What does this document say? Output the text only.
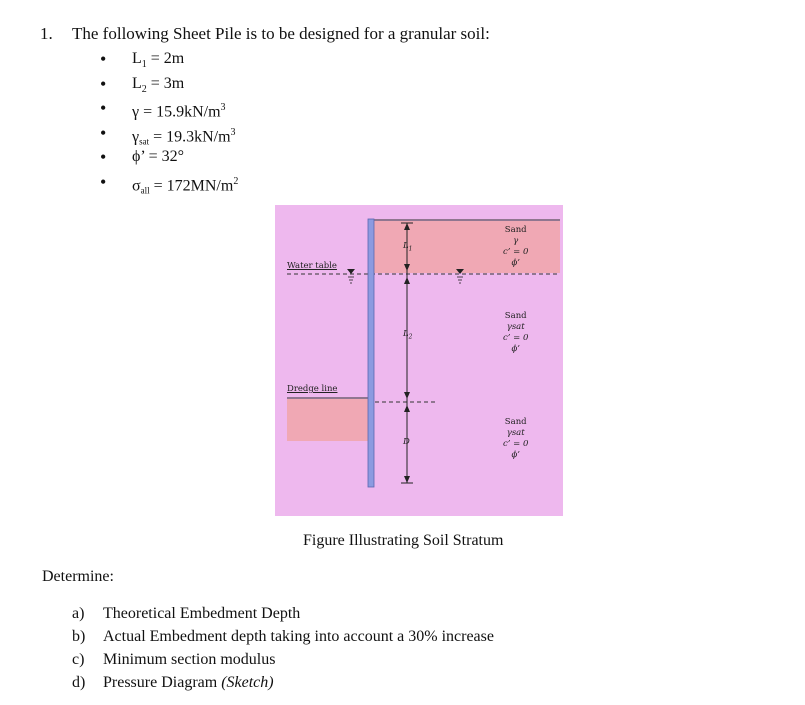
1. The following Sheet Pile is to be designed for a granular soil:
• $L_1 = 2m$
• $L_2 = 3m$
• $\gamma = 15.9kN/m^3$
• $\gamma_{sat} = 19.3kN/m^3$
• ϕ’ = 32°
• $\sigma_{all} = 172MN/m^2$
Water table
Dredge line
$L_1$
$L_2$
D
Sand
γ
c’ = 0
ϕ’
Sand
γsat
c’ = 0
ϕ’
Sand
γsat
c’ = 0
ϕ’
Figure Illustrating Soil Stratum
Determine:
a) Theoretical Embedment Depth
b) Actual Embedment depth taking into account a 30% increase
c) Minimum section modulus
d) Pressure Diagram (Sketch)
